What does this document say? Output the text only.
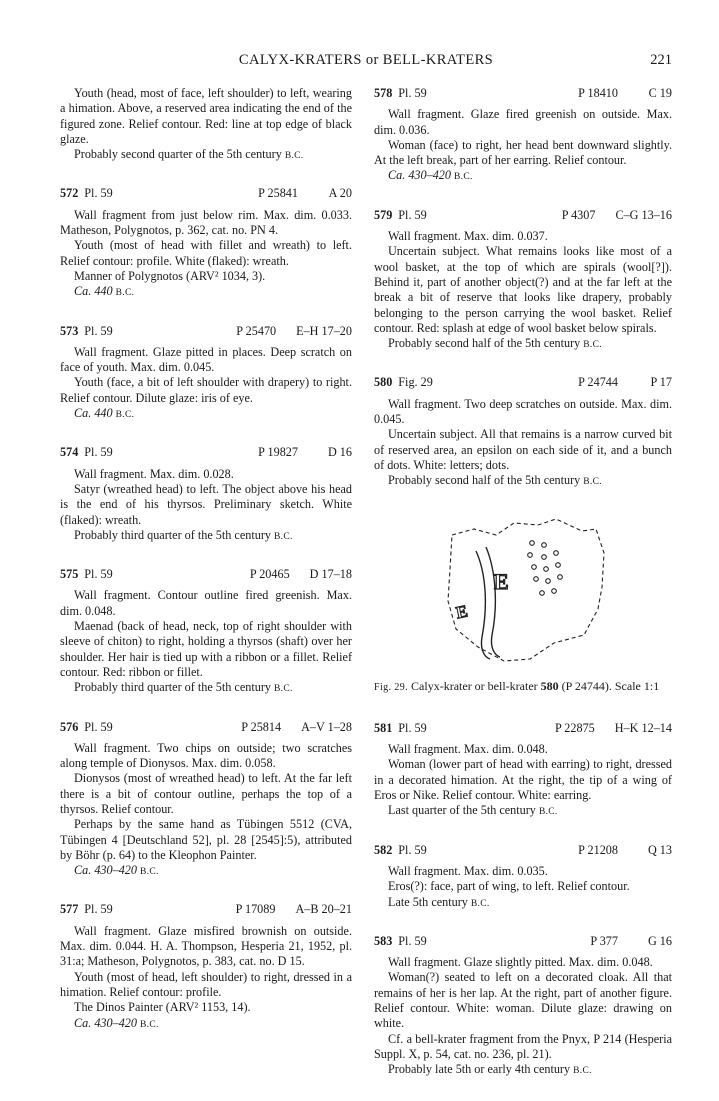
CALYX-KRATERS or BELL-KRATERS	221

Youth (head, most of face, left shoulder) to left, wearing a himation. Above, a reserved area indicating the end of the figured zone. Relief contour. Red: line at top edge of black glaze.

Probably second quarter of the 5th century B.C.

572 Pl. 59	P 25841	A 20

Wall fragment from just below rim. Max. dim. 0.033. Matheson, Polygnotos, p. 362, cat. no. PN 4.

Youth (most of head with fillet and wreath) to left. Relief contour: profile. White (flaked): wreath.

Manner of Polygnotos (ARV² 1034, 3).

Ca. 440 B.C.

573 Pl. 59	P 25470 E–H 17–20

Wall fragment. Glaze pitted in places. Deep scratch on face of youth. Max. dim. 0.045.

Youth (face, a bit of left shoulder with drapery) to right. Relief contour. Dilute glaze: iris of eye.

Ca. 440 B.C.

574 Pl. 59	P 19827	D 16

Wall fragment. Max. dim. 0.028.

Satyr (wreathed head) to left. The object above his head is the end of his thyrsos. Preliminary sketch. White (flaked): wreath.

Probably third quarter of the 5th century B.C.

575 Pl. 59	P 20465 D 17–18

Wall fragment. Contour outline fired greenish. Max. dim. 0.048.

Maenad (back of head, neck, top of right shoulder with sleeve of chiton) to right, holding a thyrsos (shaft) over her shoulder. Her hair is tied up with a ribbon or a fillet. Relief contour. Red: ribbon or fillet.

Probably third quarter of the 5th century B.C.

576 Pl. 59	P 25814 A–V 1–28

Wall fragment. Two chips on outside; two scratches along temple of Dionysos. Max. dim. 0.058.

Dionysos (most of wreathed head) to left. At the far left there is a bit of contour outline, perhaps the top of a thyrsos. Relief contour.

Perhaps by the same hand as Tübingen 5512 (CVA, Tübingen 4 [Deutschland 52], pl. 28 [2545]:5), attributed by Böhr (p. 64) to the Kleophon Painter.

Ca. 430–420 B.C.

577 Pl. 59	P 17089 A–B 20–21

Wall fragment. Glaze misfired brownish on outside. Max. dim. 0.044. H. A. Thompson, Hesperia 21, 1952, pl. 31:a; Matheson, Polygnotos, p. 383, cat. no. D 15.

Youth (most of head, left shoulder) to right, dressed in a himation. Relief contour: profile.

The Dinos Painter (ARV² 1153, 14).

Ca. 430–420 B.C.

578 Pl. 59	P 18410	C 19

Wall fragment. Glaze fired greenish on outside. Max. dim. 0.036.

Woman (face) to right, her head bent downward slightly. At the left break, part of her earring. Relief contour.

Ca. 430–420 B.C.

579 Pl. 59	P 4307 C–G 13–16

Wall fragment. Max. dim. 0.037.

Uncertain subject. What remains looks like most of a wool basket, at the top of which are spirals (wool[?]). Behind it, part of another object(?) and at the far left at the break a bit of reserve that looks like drapery, probably belonging to the person carrying the wool basket. Relief contour. Red: splash at edge of wool basket below spirals.

Probably second half of the 5th century B.C.

580 Fig. 29	P 24744	P 17

Wall fragment. Two deep scratches on outside. Max. dim. 0.045.

Uncertain subject. All that remains is a narrow curved bit of reserved area, an epsilon on each side of it, and a bunch of dots. White: letters; dots.

Probably second half of the 5th century B.C.

E
E
Fig. 29. Calyx-krater or bell-krater 580 (P 24744). Scale 1:1
581 Pl. 59	P 22875 H–K 12–14

Wall fragment. Max. dim. 0.048.

Woman (lower part of head with earring) to right, dressed in a decorated himation. At the right, the tip of a wing of Eros or Nike. Relief contour. White: earring.

Last quarter of the 5th century B.C.

582 Pl. 59	P 21208	Q 13

Wall fragment. Max. dim. 0.035.

Eros(?): face, part of wing, to left. Relief contour.

Late 5th century B.C.

583 Pl. 59	P 377	G 16

Wall fragment. Glaze slightly pitted. Max. dim. 0.048.

Woman(?) seated to left on a decorated cloak. All that remains of her is her lap. At the right, part of another figure. Relief contour. White: woman. Dilute glaze: drawing on white.

Cf. a bell-krater fragment from the Pnyx, P 214 (Hesperia Suppl. X, p. 54, cat. no. 236, pl. 21).

Probably late 5th or early 4th century B.C.
